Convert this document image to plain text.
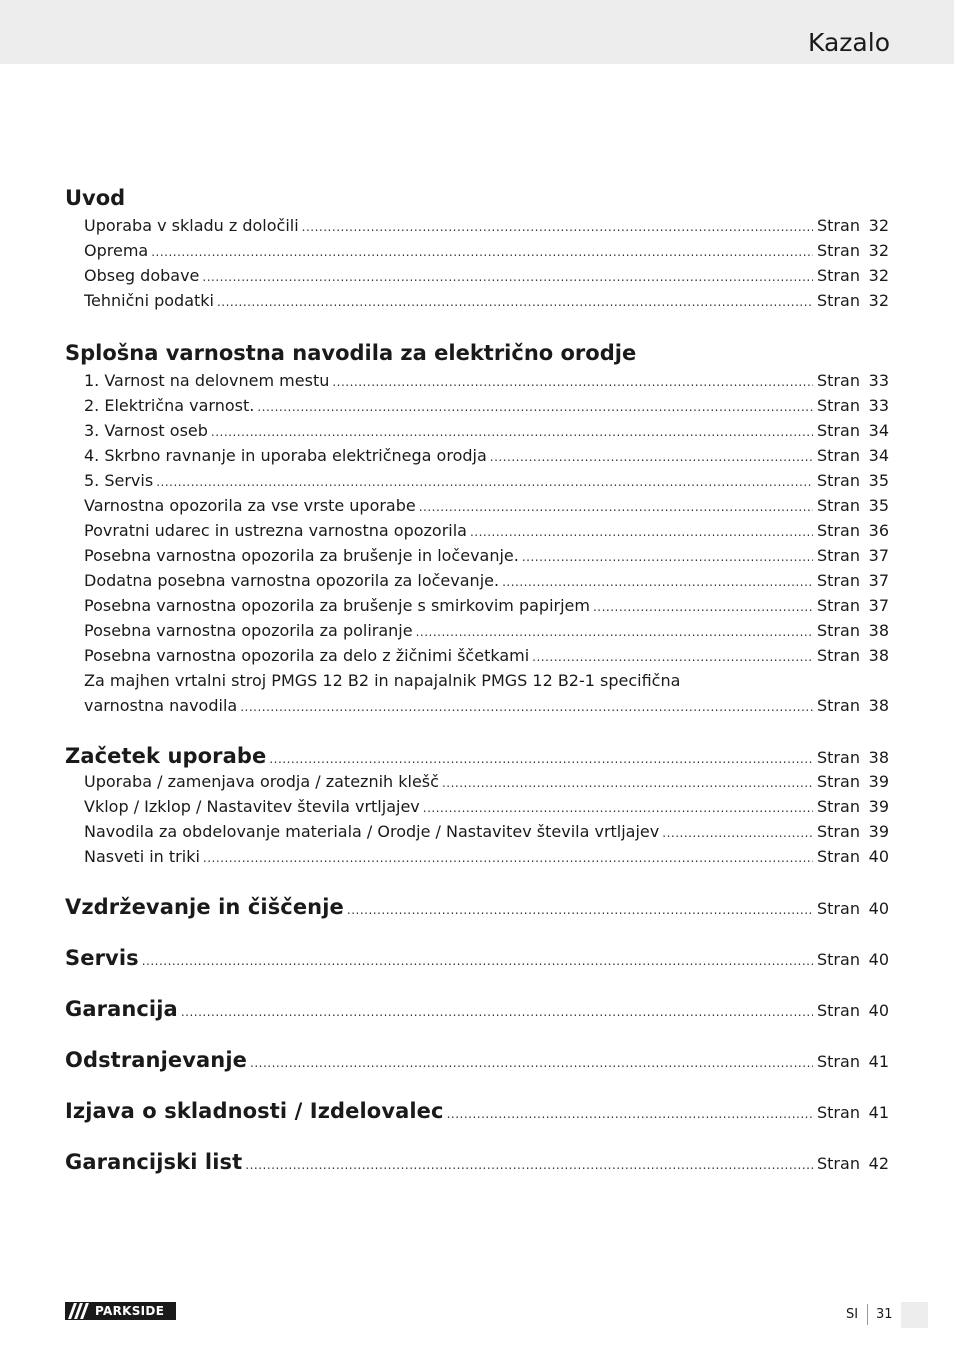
Kazalo
Uvod
Uporaba v skladu z določili .....	Stran 32
Oprema .....	Stran 32
Obseg dobave .....	Stran 32
Tehnični podatki .....	Stran 32
Splošna varnostna navodila za električno orodje
1. Varnost na delovnem mestu .....	Stran 33
2. Električna varnost. .....	Stran 33
3. Varnost oseb .....	Stran 34
4. Skrbno ravnanje in uporaba električnega orodja .....	Stran 34
5. Servis .....	Stran 35
Varnostna opozorila za vse vrste uporabe .....	Stran 35
Povratni udarec in ustrezna varnostna opozorila .....	Stran 36
Posebna varnostna opozorila za brušenje in ločevanje. .....	Stran 37
Dodatna posebna varnostna opozorila za ločevanje. .....	Stran 37
Posebna varnostna opozorila za brušenje s smirkovim papirjem .....	Stran 37
Posebna varnostna opozorila za poliranje .....	Stran 38
Posebna varnostna opozorila za delo z žičnimi ščetkami .....	Stran 38
Za majhen vrtalni stroj PMGS 12 B2 in napajalnik PMGS 12 B2-1 specifična
varnostna navodila .....	Stran 38
Začetek uporabe .....	Stran 38
Uporaba / zamenjava orodja / zateznih klešč .....	Stran 39
Vklop / Izklop / Nastavitev števila vrtljajev .....	Stran 39
Navodila za obdelovanje materiala / Orodje / Nastavitev števila vrtljajev .....	Stran 39
Nasveti in triki .....	Stran 40
Vzdrževanje in čiščenje .....	Stran 40
Servis .....	Stran 40
Garancija .....	Stran 40
Odstranjevanje .....	Stran 41
Izjava o skladnosti / Izdelovalec .....	Stran 41
Garancijski list .....	Stran 42
PARKSIDE	SI 31
